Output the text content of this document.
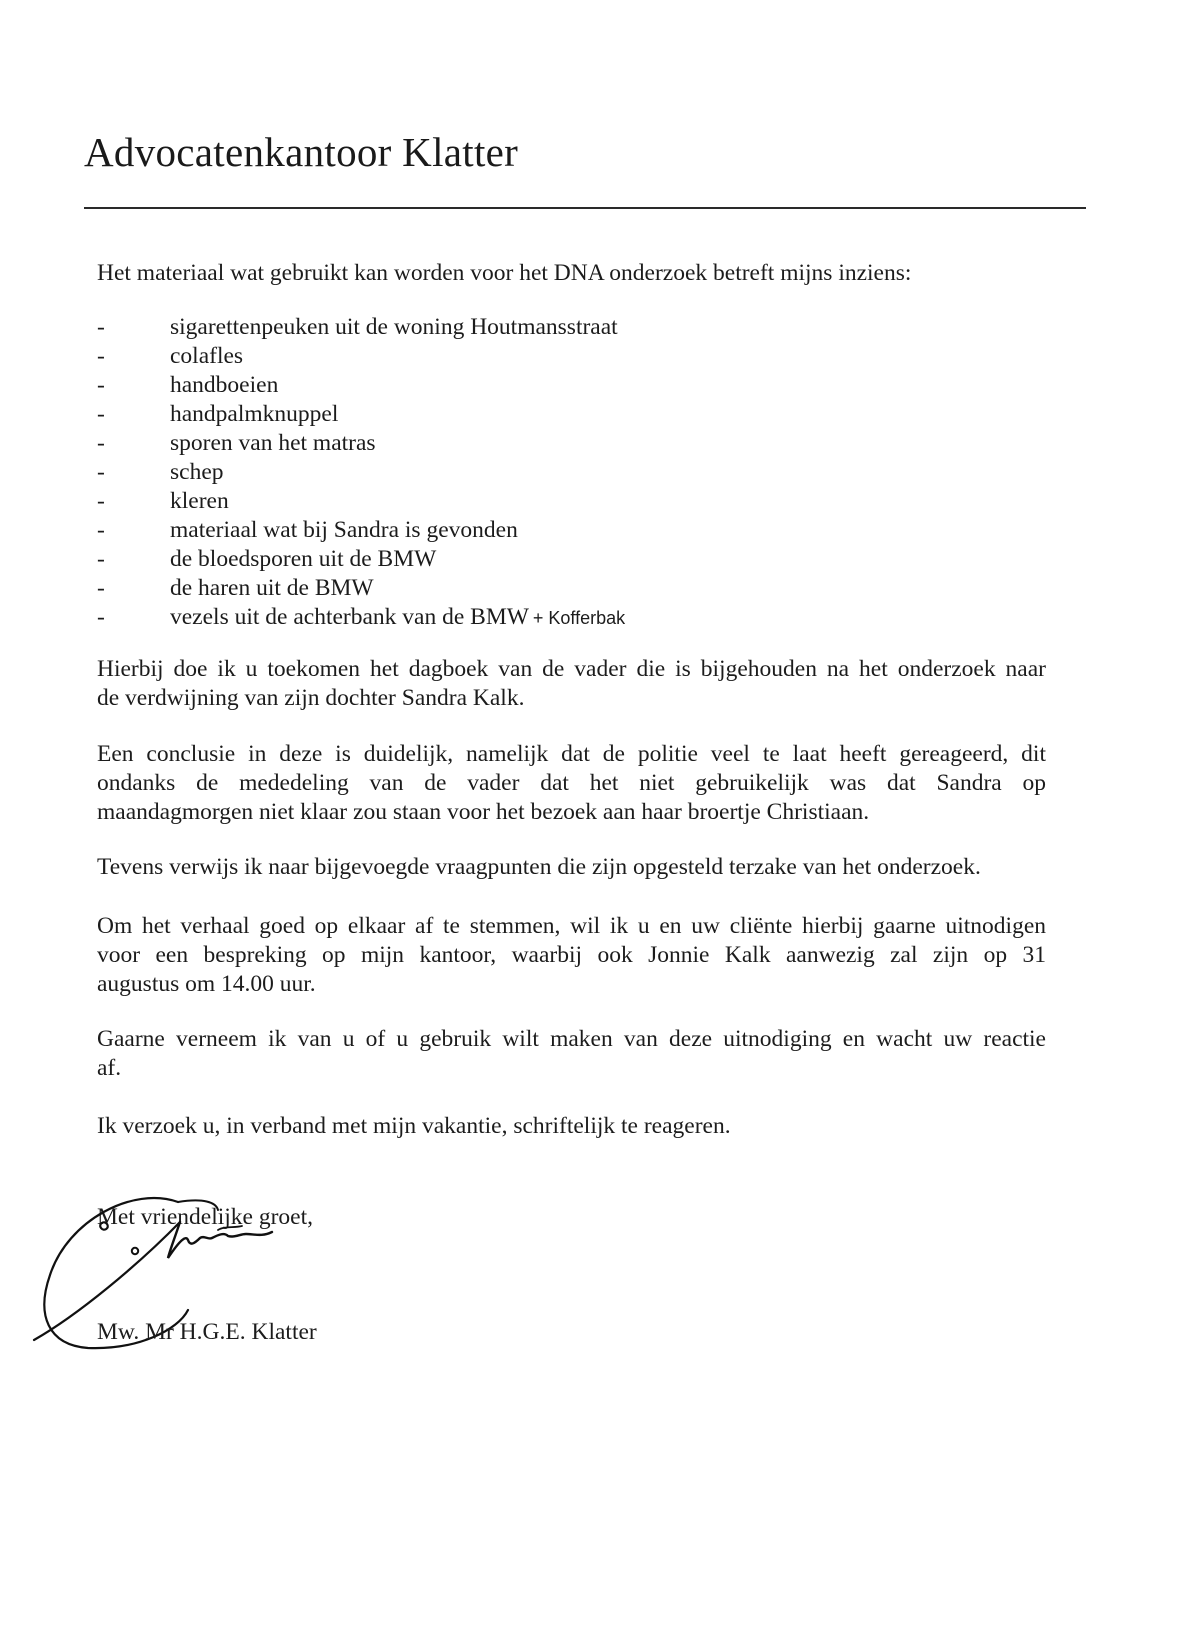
Advocatenkantoor Klatter
Het materiaal wat gebruikt kan worden voor het DNA onderzoek betreft mijns inziens:
-	sigarettenpeuken uit de woning Houtmansstraat
-	colafles
-	handboeien
-	handpalmknuppel
-	sporen van het matras
-	schep
-	kleren
-	materiaal wat bij Sandra is gevonden
-	de bloedsporen uit de BMW
-	de haren uit de BMW
-	vezels uit de achterbank van de BMW + Kofferbak
Hierbij doe ik u toekomen het dagboek van de vader die is bijgehouden na het onderzoek naar
de verdwijning van zijn dochter Sandra Kalk.
Een conclusie in deze is duidelijk, namelijk dat de politie veel te laat heeft gereageerd, dit
ondanks de mededeling van de vader dat het niet gebruikelijk was dat Sandra op
maandagmorgen niet klaar zou staan voor het bezoek aan haar broertje Christiaan.
Tevens verwijs ik naar bijgevoegde vraagpunten die zijn opgesteld terzake van het onderzoek.
Om het verhaal goed op elkaar af te stemmen, wil ik u en uw cliënte hierbij gaarne uitnodigen
voor een bespreking op mijn kantoor, waarbij ook Jonnie Kalk aanwezig zal zijn op 31
augustus om 14.00 uur.
Gaarne verneem ik van u of u gebruik wilt maken van deze uitnodiging en wacht uw reactie
af.
Ik verzoek u, in verband met mijn vakantie, schriftelijk te reageren.
Met vriendelijke groet,
Mw. Mr H.G.E. Klatter
